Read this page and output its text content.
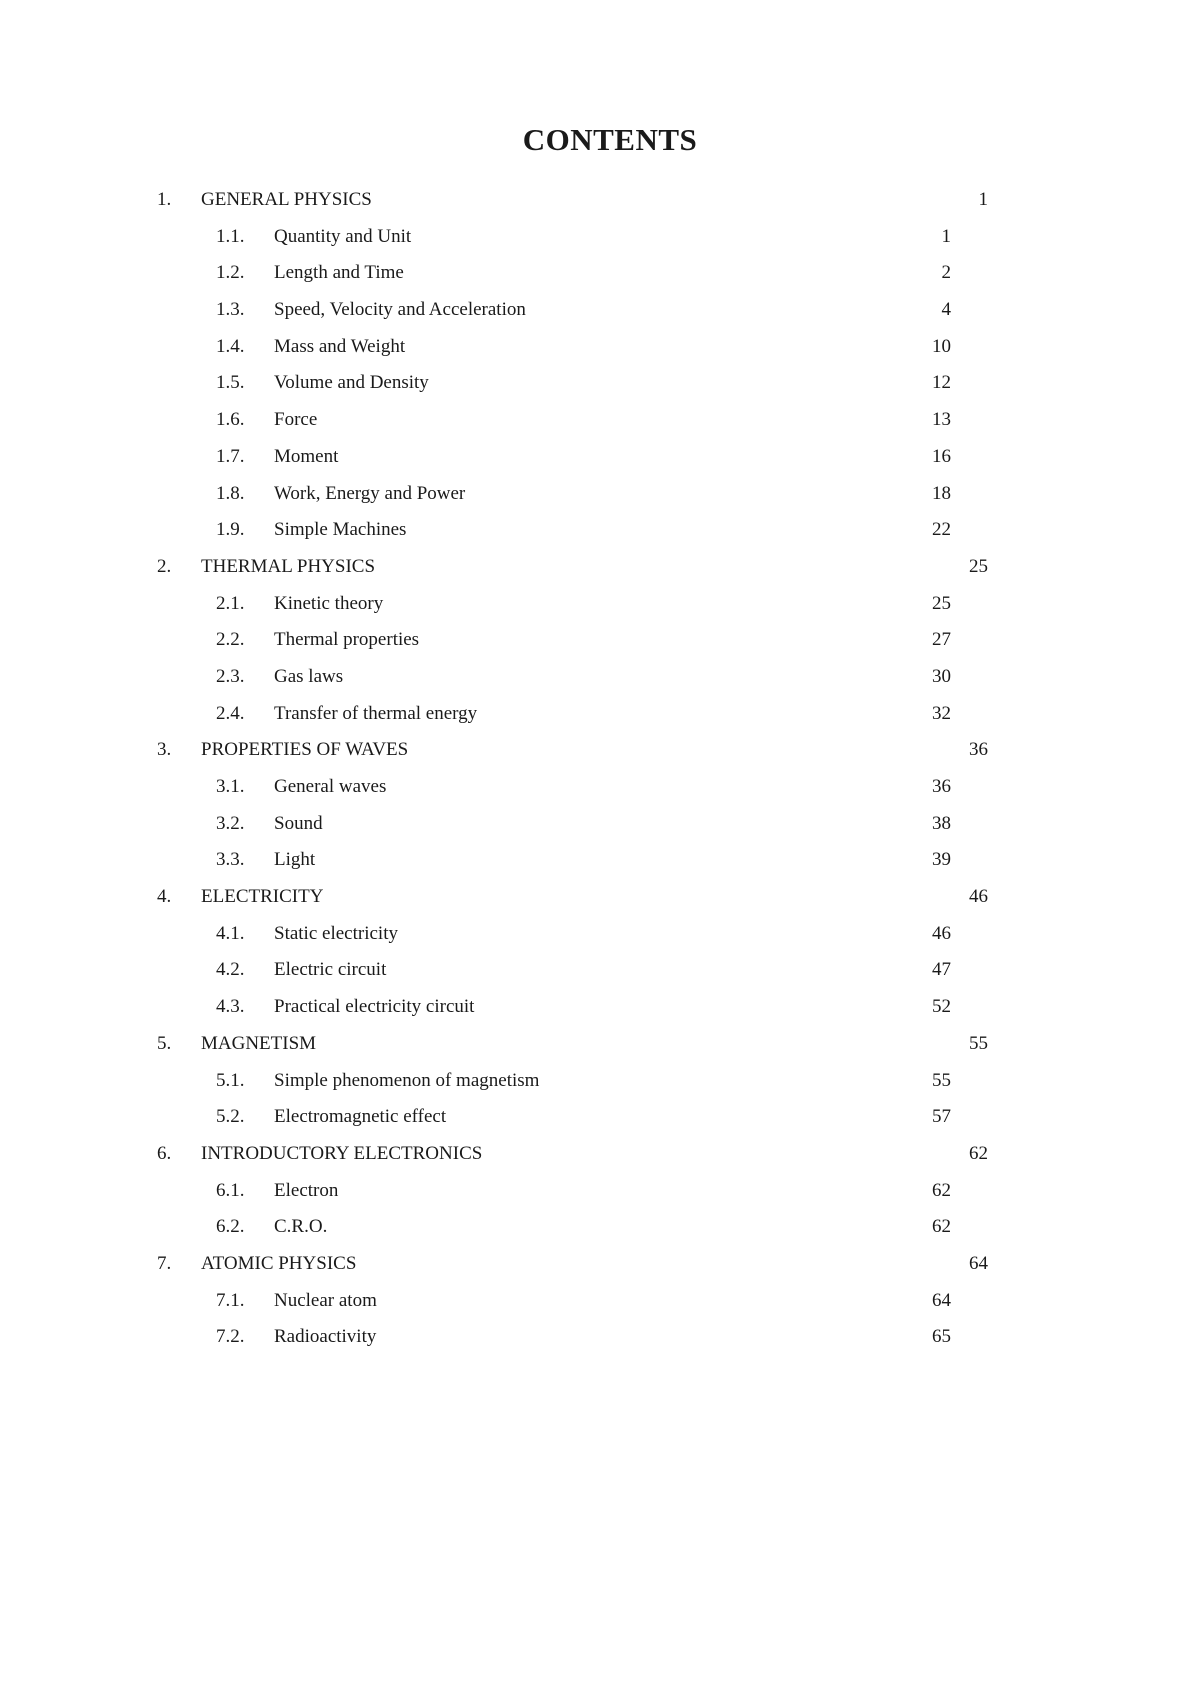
CONTENTS
1. GENERAL PHYSICS	1
1.1. Quantity and Unit	1
1.2. Length and Time	2
1.3. Speed, Velocity and Acceleration	4
1.4. Mass and Weight	10
1.5. Volume and Density	12
1.6. Force	13
1.7. Moment	16
1.8. Work, Energy and Power	18
1.9. Simple Machines	22
2. THERMAL PHYSICS	25
2.1. Kinetic theory	25
2.2. Thermal properties	27
2.3. Gas laws	30
2.4. Transfer of thermal energy	32
3. PROPERTIES OF WAVES	36
3.1. General waves	36
3.2. Sound	38
3.3. Light	39
4. ELECTRICITY	46
4.1. Static electricity	46
4.2. Electric circuit	47
4.3. Practical electricity circuit	52
5. MAGNETISM	55
5.1. Simple phenomenon of magnetism	55
5.2. Electromagnetic effect	57
6. INTRODUCTORY ELECTRONICS	62
6.1. Electron	62
6.2. C.R.O.	62
7. ATOMIC PHYSICS	64
7.1. Nuclear atom	64
7.2. Radioactivity	65
